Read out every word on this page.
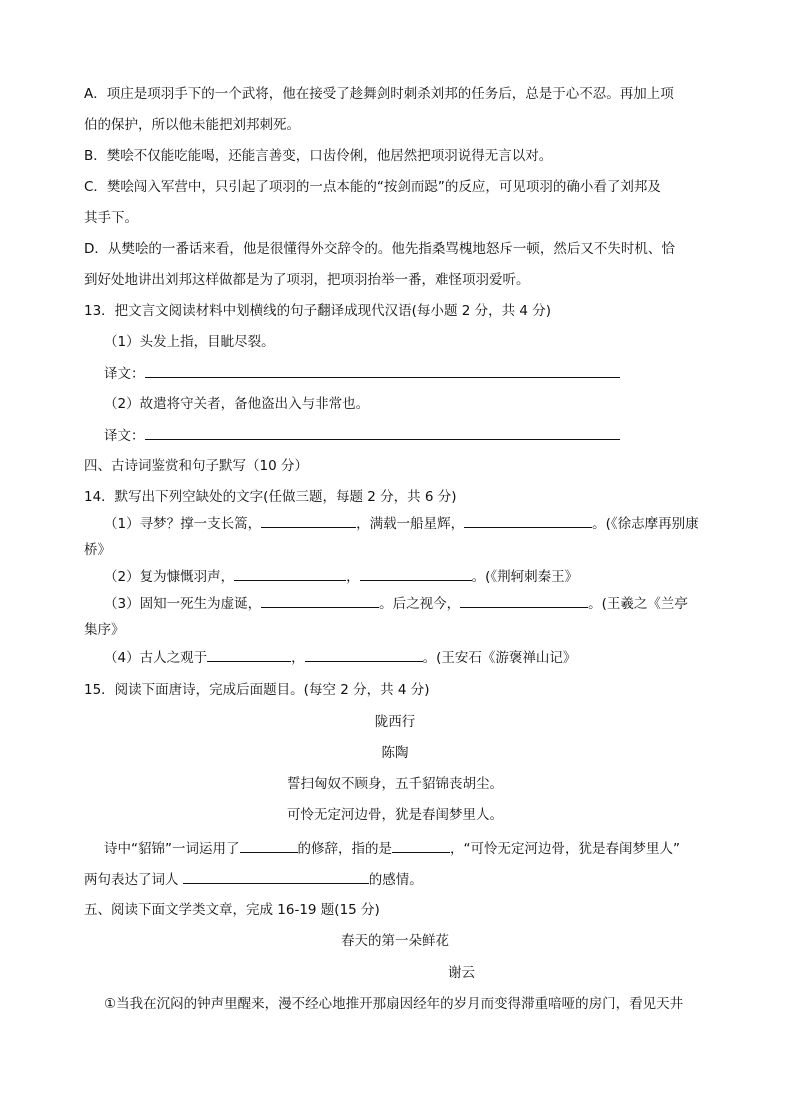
A．项庄是项羽手下的一个武将，他在接受了趁舞剑时刺杀刘邦的任务后，总是于心不忍。再加上项
伯的保护，所以他未能把刘邦刺死。
B．樊哙不仅能吃能喝，还能言善变，口齿伶俐，他居然把项羽说得无言以对。
C．樊哙闯入军营中，只引起了项羽的一点本能的“按剑而跽”的反应，可见项羽的确小看了刘邦及
其手下。
D．从樊哙的一番话来看，他是很懂得外交辞令的。他先指桑骂槐地怒斥一顿，然后又不失时机、恰
到好处地讲出刘邦这样做都是为了项羽，把项羽抬举一番，难怪项羽爱听。
13．把文言文阅读材料中划横线的句子翻译成现代汉语(每小题 2 分，共 4 分)
（1）头发上指，目眦尽裂。
译文：
（2）故遣将守关者，备他盗出入与非常也。
译文：
四、古诗词鉴赏和句子默写（10 分）
14．默写出下列空缺处的文字(任做三题，每题 2 分，共 6 分)
（1）寻梦？撑一支长篙，	，满载一船星辉，	。(《徐志摩再别康
桥》
（2）复为慷慨羽声，	，	。(《荆轲刺秦王》
（3）固知一死生为虚诞，	。后之视今，	。(王羲之《兰亭
集序》
（4）古人之观于	，	。(王安石《游褒禅山记》
15．阅读下面唐诗，完成后面题目。(每空 2 分，共 4 分)
陇西行
陈陶
誓扫匈奴不顾身，五千貂锦丧胡尘。
可怜无定河边骨，犹是春闺梦里人。
诗中“貂锦”一词运用了	的修辞，指的是	，“可怜无定河边骨，犹是春闺梦里人”
两句表达了词人	的感情。
五、阅读下面文学类文章，完成 16-19 题(15 分)
春天的第一朵鲜花
谢云
①当我在沉闷的钟声里醒来，漫不经心地推开那扇因经年的岁月而变得滞重喑哑的房门，看见天井
